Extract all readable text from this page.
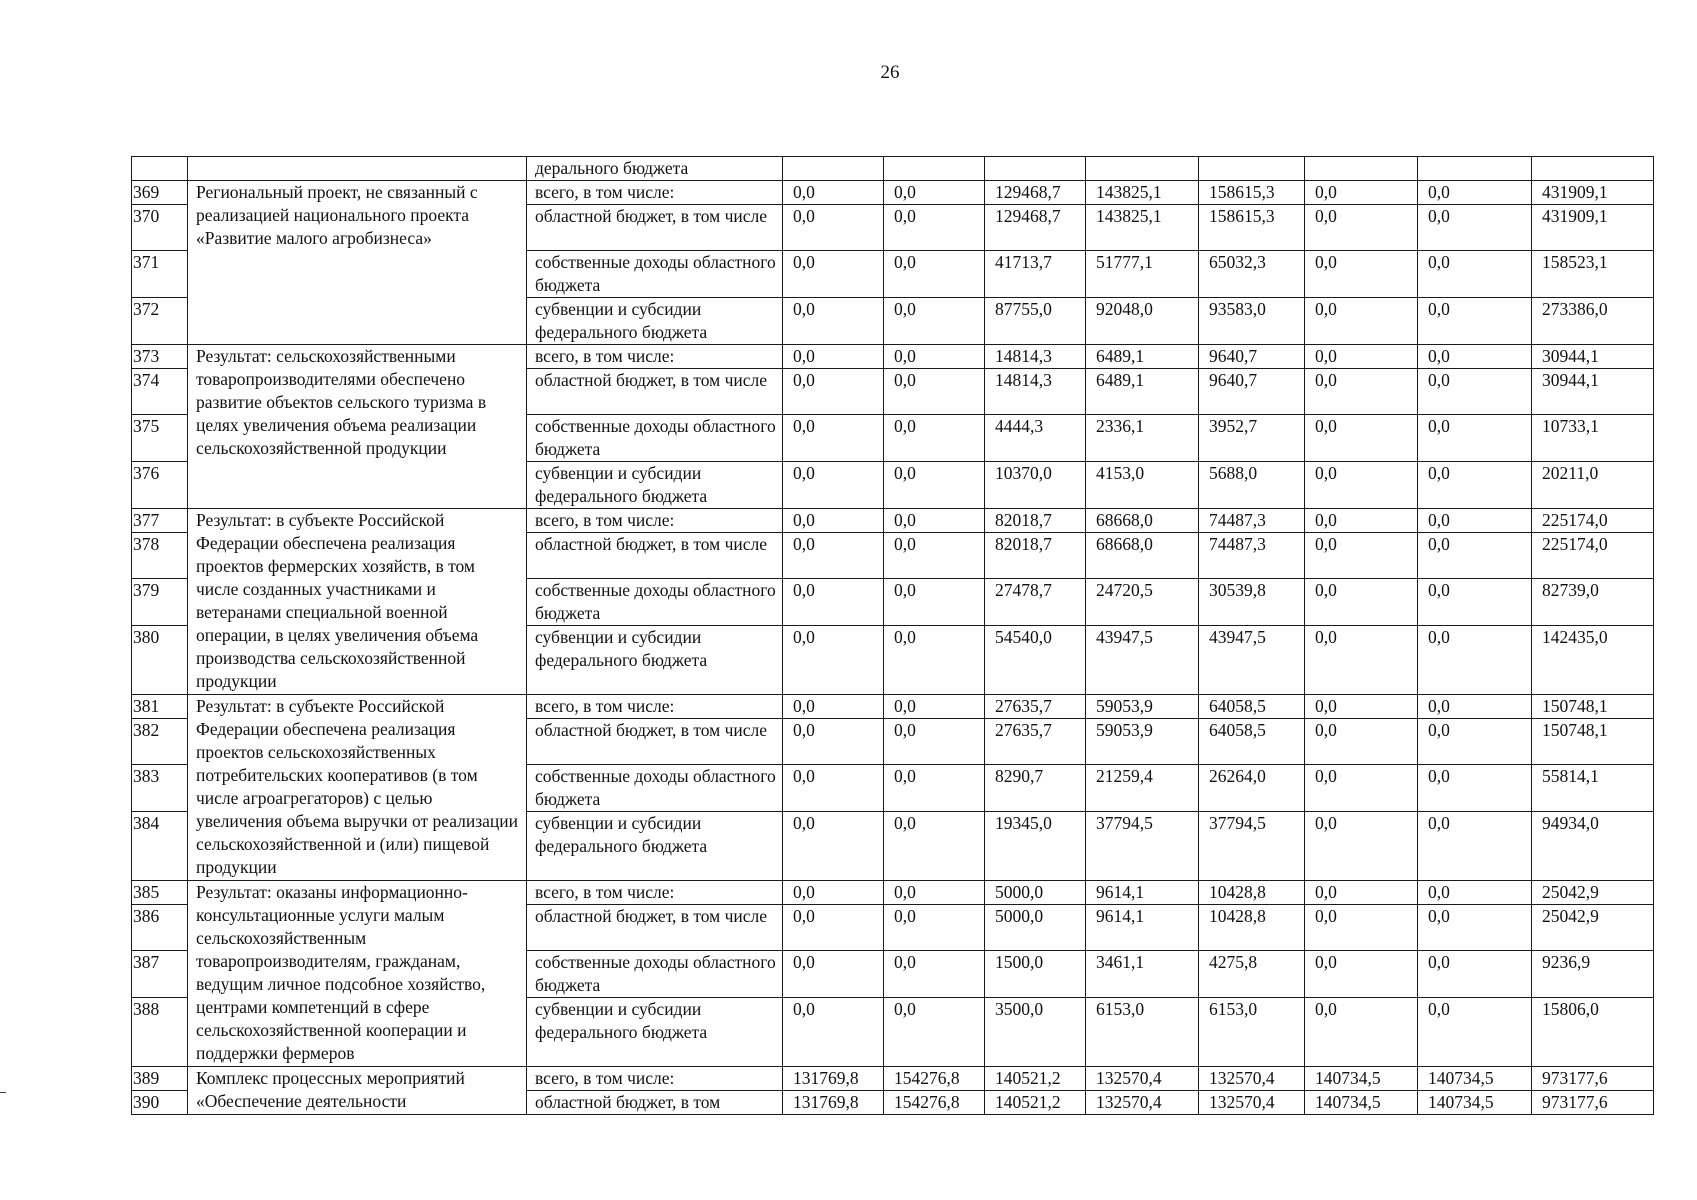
26
		дерального бюджета								
369	Региональный проект, не связанный с реализацией национального проекта «Развитие малого агробизнеса»	всего, в том числе:	0,0	0,0	129468,7	143825,1	158615,3	0,0	0,0	431909,1
370		областной бюджет, в том числе	0,0	0,0	129468,7	143825,1	158615,3	0,0	0,0	431909,1
371		собственные доходы областного бюджета	0,0	0,0	41713,7	51777,1	65032,3	0,0	0,0	158523,1
372		субвенции и субсидии федерального бюджета	0,0	0,0	87755,0	92048,0	93583,0	0,0	0,0	273386,0
373	Результат: сельскохозяйственными товаропроизводителями обеспечено развитие объектов сельского туризма в целях увеличения объема реализации сельскохозяйственной продукции	всего, в том числе:	0,0	0,0	14814,3	6489,1	9640,7	0,0	0,0	30944,1
374		областной бюджет, в том числе	0,0	0,0	14814,3	6489,1	9640,7	0,0	0,0	30944,1
375		собственные доходы областного бюджета	0,0	0,0	4444,3	2336,1	3952,7	0,0	0,0	10733,1
376		субвенции и субсидии федерального бюджета	0,0	0,0	10370,0	4153,0	5688,0	0,0	0,0	20211,0
377	Результат: в субъекте Российской Федерации обеспечена реализация проектов фермерских хозяйств, в том числе созданных участниками и ветеранами специальной военной операции, в целях увеличения объема производства сельскохозяйственной продукции	всего, в том числе:	0,0	0,0	82018,7	68668,0	74487,3	0,0	0,0	225174,0
378		областной бюджет, в том числе	0,0	0,0	82018,7	68668,0	74487,3	0,0	0,0	225174,0
379		собственные доходы областного бюджета	0,0	0,0	27478,7	24720,5	30539,8	0,0	0,0	82739,0
380		субвенции и субсидии федерального бюджета	0,0	0,0	54540,0	43947,5	43947,5	0,0	0,0	142435,0
381	Результат: в субъекте Российской Федерации обеспечена реализация проектов сельскохозяйственных потребительских кооперативов (в том числе агроагрегаторов) с целью увеличения объема выручки от реализации сельскохозяйственной и (или) пищевой продукции	всего, в том числе:	0,0	0,0	27635,7	59053,9	64058,5	0,0	0,0	150748,1
382		областной бюджет, в том числе	0,0	0,0	27635,7	59053,9	64058,5	0,0	0,0	150748,1
383		собственные доходы областного бюджета	0,0	0,0	8290,7	21259,4	26264,0	0,0	0,0	55814,1
384		субвенции и субсидии федерального бюджета	0,0	0,0	19345,0	37794,5	37794,5	0,0	0,0	94934,0
385	Результат: оказаны информационно-консультационные услуги малым сельскохозяйственным товаропроизводителям, гражданам, ведущим личное подсобное хозяйство, центрами компетенций в сфере сельскохозяйственной кооперации и поддержки фермеров	всего, в том числе:	0,0	0,0	5000,0	9614,1	10428,8	0,0	0,0	25042,9
386		областной бюджет, в том числе	0,0	0,0	5000,0	9614,1	10428,8	0,0	0,0	25042,9
387		собственные доходы областного бюджета	0,0	0,0	1500,0	3461,1	4275,8	0,0	0,0	9236,9
388		субвенции и субсидии федерального бюджета	0,0	0,0	3500,0	6153,0	6153,0	0,0	0,0	15806,0
389	Комплекс процессных мероприятий «Обеспечение деятельности	всего, в том числе:	131769,8	154276,8	140521,2	132570,4	132570,4	140734,5	140734,5	973177,6
390		областной бюджет, в том	131769,8	154276,8	140521,2	132570,4	132570,4	140734,5	140734,5	973177,6
